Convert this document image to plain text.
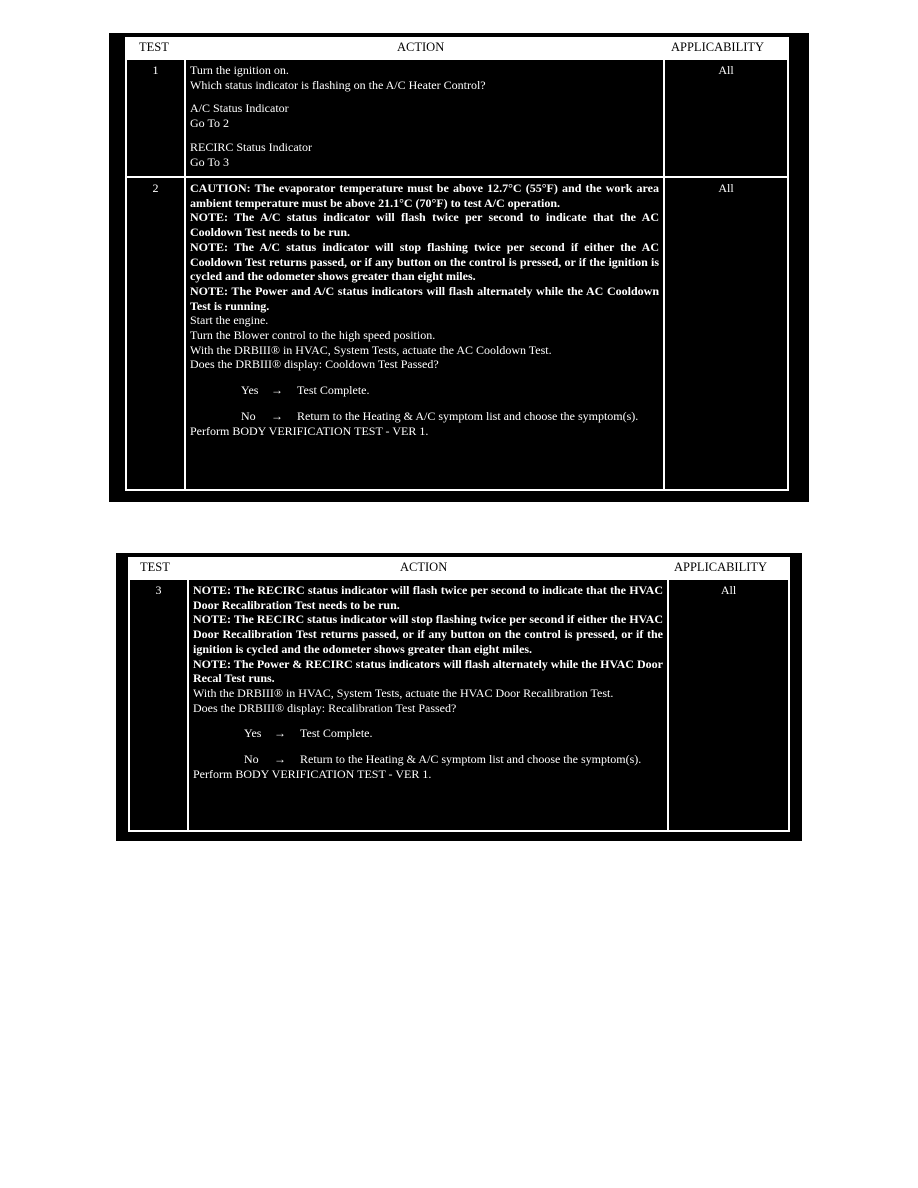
TEST	ACTION	APPLICABILITY
1	Turn the ignition on.

Which status indicator is flashing on the A/C Heater Control?

A/C Status Indicator

Go To 2

RECIRC Status Indicator

Go To 3

All
2	CAUTION: The evaporator temperature must be above 12.7°C (55°F) and the work area ambient temperature must be above 21.1°C (70°F) to test A/C operation.

NOTE: The A/C status indicator will flash twice per second to indicate that the AC Cooldown Test needs to be run.

NOTE: The A/C status indicator will stop flashing twice per second if either the AC Cooldown Test returns passed, or if any button on the control is pressed, or if the ignition is cycled and the odometer shows greater than eight miles.

NOTE: The Power and A/C status indicators will flash alternately while the AC Cooldown Test is running.

Start the engine.

Turn the Blower control to the high speed position.

With the DRBIII® in HVAC, System Tests, actuate the AC Cooldown Test.

Does the DRBIII® display: Cooldown Test Passed?

Yes	→	Test Complete.
No	→	Return to the Heating & A/C symptom list and choose the symptom(s).

Perform BODY VERIFICATION TEST - VER 1.

All
TEST	ACTION	APPLICABILITY
3	NOTE: The RECIRC status indicator will flash twice per second to indicate that the HVAC Door Recalibration Test needs to be run.

NOTE: The RECIRC status indicator will stop flashing twice per second if either the HVAC Door Recalibration Test returns passed, or if any button on the control is pressed, or if the ignition is cycled and the odometer shows greater than eight miles.

NOTE: The Power & RECIRC status indicators will flash alternately while the HVAC Door Recal Test runs.

With the DRBIII® in HVAC, System Tests, actuate the HVAC Door Recalibration Test.

Does the DRBIII® display: Recalibration Test Passed?

Yes	→	Test Complete.
No	→	Return to the Heating & A/C symptom list and choose the symptom(s).

Perform BODY VERIFICATION TEST - VER 1.

All
